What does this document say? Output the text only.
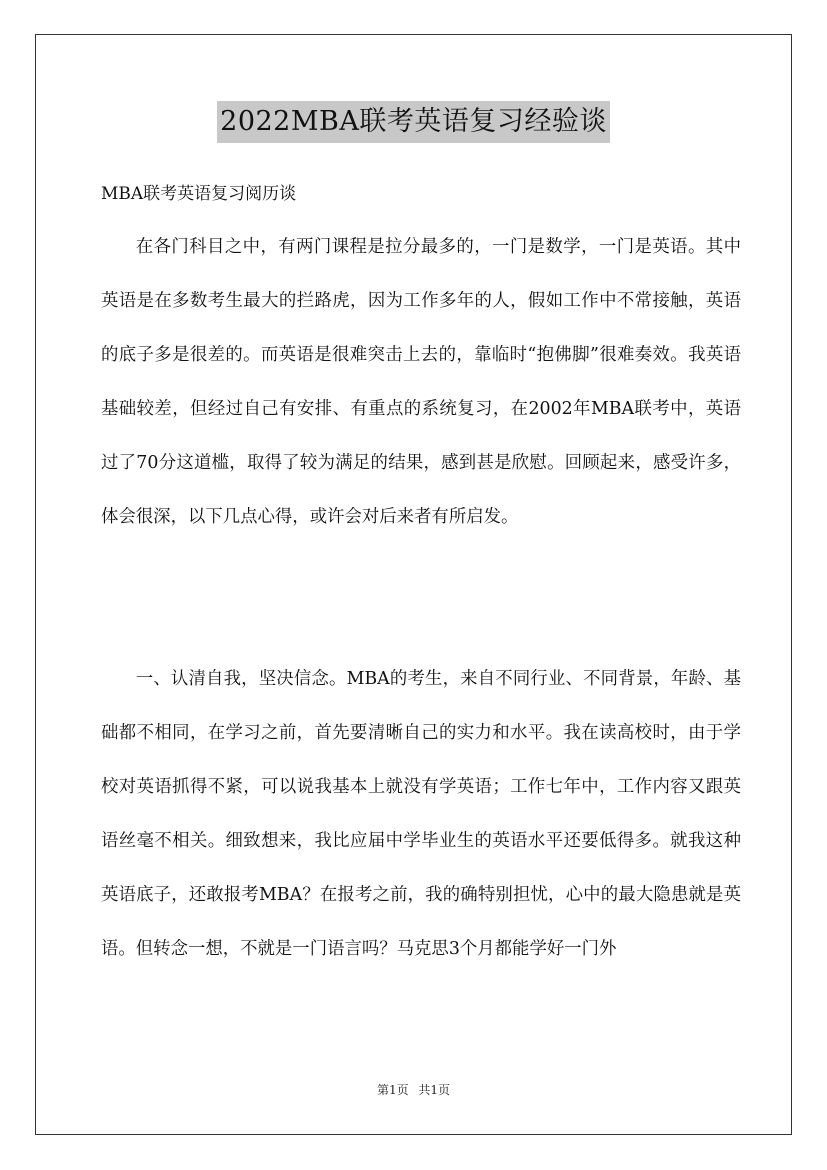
2022MBA联考英语复习经验谈
MBA联考英语复习阅历谈

在各门科目之中，有两门课程是拉分最多的，一门是数学，一门是英语。其中英语是在多数考生最大的拦路虎，因为工作多年的人，假如工作中不常接触，英语的底子多是很差的。而英语是很难突击上去的，靠临时“抱佛脚”很难奏效。我英语基础较差，但经过自己有安排、有重点的系统复习，在2002年MBA联考中，英语过了70分这道槛，取得了较为满足的结果，感到甚是欣慰。回顾起来，感受许多，体会很深，以下几点心得，或许会对后来者有所启发。

一、认清自我，坚决信念。MBA的考生，来自不同行业、不同背景，年龄、基础都不相同，在学习之前，首先要清晰自己的实力和水平。我在读高校时，由于学校对英语抓得不紧，可以说我基本上就没有学英语；工作七年中，工作内容又跟英语丝毫不相关。细致想来，我比应届中学毕业生的英语水平还要低得多。就我这种英语底子，还敢报考MBA？在报考之前，我的确特别担忧，心中的最大隐患就是英语。但转念一想，不就是一门语言吗？马克思3个月都能学好一门外

第1页 共1页
